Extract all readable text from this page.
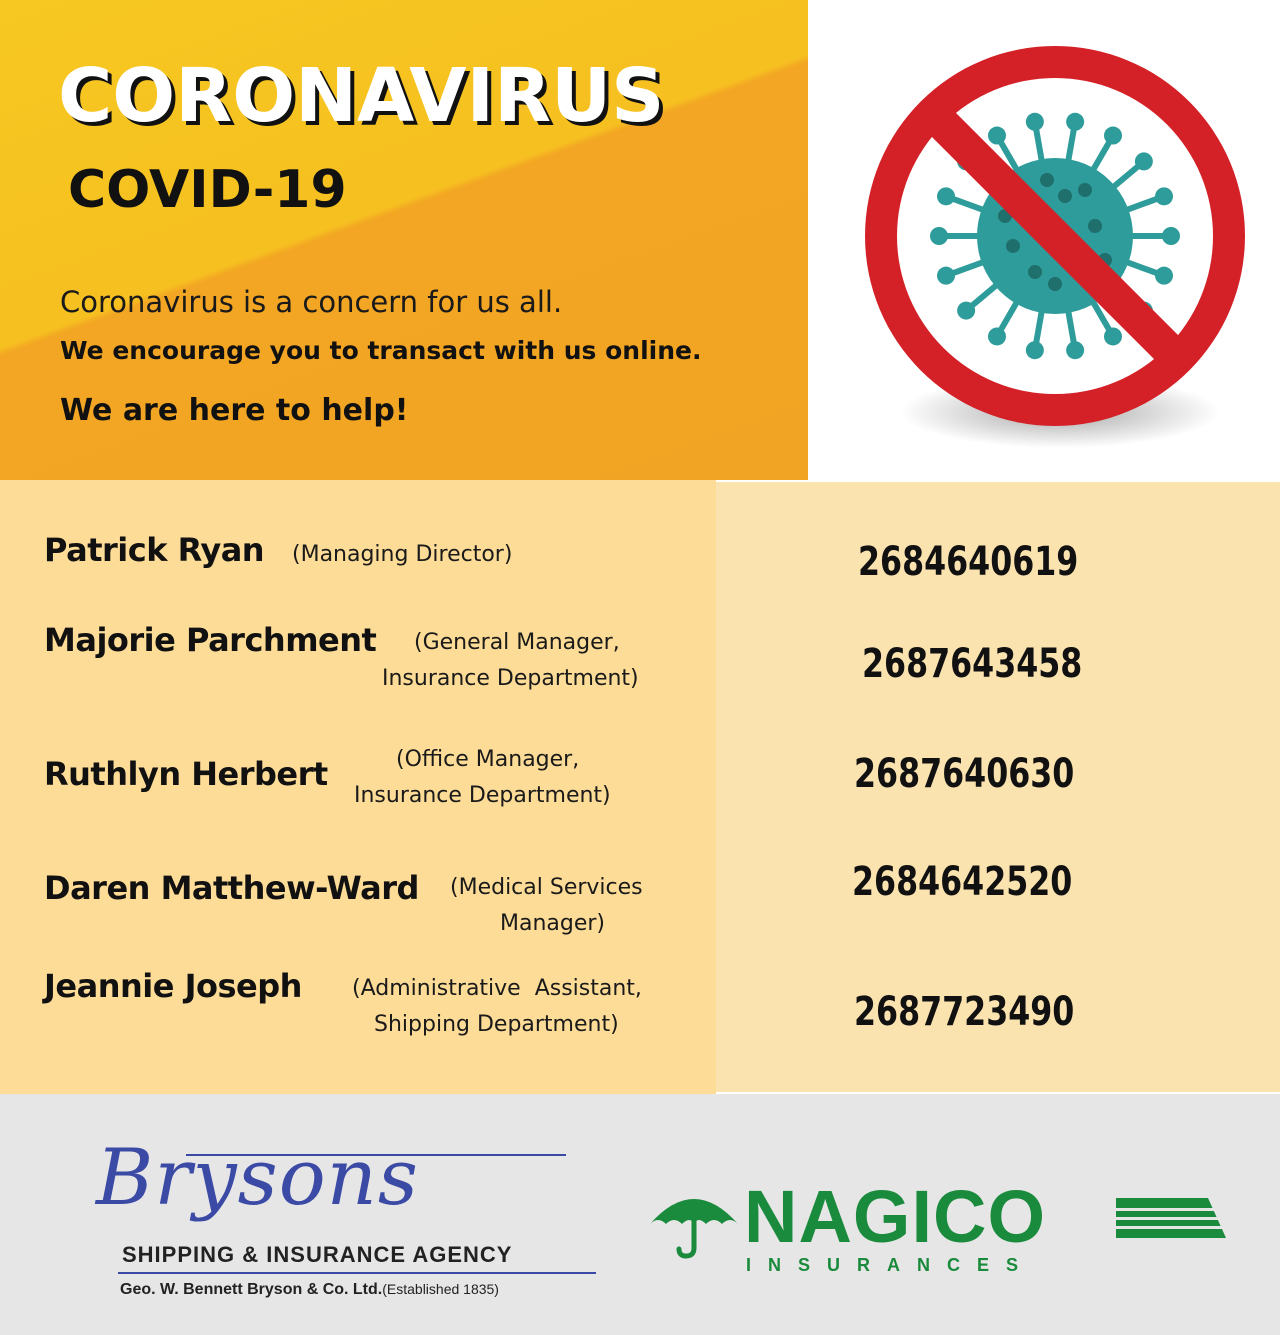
CORONAVIRUS
COVID-19
Coronavirus is a concern for us all.
We encourage you to transact with us online.
We are here to help!
Patrick Ryan (Managing Director)
Majorie Parchment (General Manager,
Insurance Department)
Ruthlyn Herbert	(Office Manager,
Insurance Department)
Daren Matthew-Ward (Medical Services
Manager)
Jeannie Joseph (Administrative  Assistant,
Shipping Department)
2684640619
2687643458
2687640630
2684642520
2687723490
Brysons
SHIPPING & INSURANCE AGENCY
Geo. W. Bennett Bryson & Co. Ltd.(Established 1835)
NAGICO
INSURANCES
